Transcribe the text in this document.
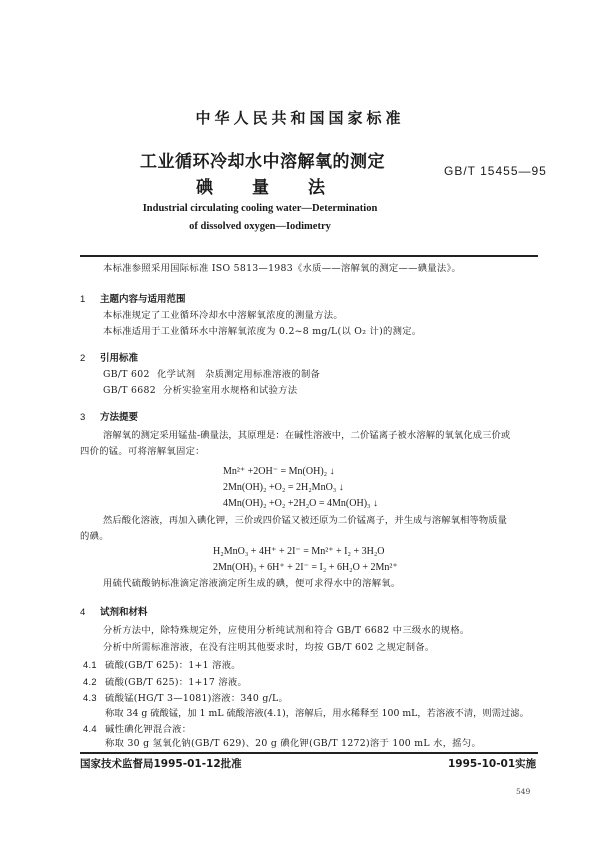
中华人民共和国国家标准
工业循环冷却水中溶解氧的测定
碘 量 法
GB/T 15455—95
Industrial circulating cooling water—Determination
of dissolved oxygen—Iodimetry
本标准参照采用国际标准 ISO 5813—1983《水质——溶解氧的测定——碘量法》。
1 主题内容与适用范围
本标准规定了工业循环冷却水中溶解氧浓度的测量方法。
本标准适用于工业循环水中溶解氧浓度为 0.2~8 mg/L(以 O₂ 计)的测定。
2 引用标准
GB/T 602 化学试剂　杂质测定用标准溶液的制备
GB/T 6682 分析实验室用水规格和试验方法
3 方法提要
溶解氧的测定采用锰盐-碘量法，其原理是：在碱性溶液中，二价锰离子被水溶解的氧氧化成三价或
四价的锰。可将溶解氧固定：
Mn²⁺ +2OH⁻ = Mn(OH)₂ ↓
2Mn(OH)₂ +O₂ = 2H₂MnO₃ ↓
4Mn(OH)₂ +O₂ +2H₂O = 4Mn(OH)₃ ↓
然后酸化溶液，再加入碘化钾，三价或四价锰又被还原为二价锰离子，并生成与溶解氧相等物质量
的碘。
H₂MnO₃ + 4H⁺ + 2I⁻ = Mn²⁺ + I₂ + 3H₂O
2Mn(OH)₃ + 6H⁺ + 2I⁻ = I₂ + 6H₂O + 2Mn²⁺
用硫代硫酸钠标准滴定溶液滴定所生成的碘，便可求得水中的溶解氧。
4 试剂和材料
分析方法中，除特殊规定外，应使用分析纯试剂和符合 GB/T 6682 中三级水的规格。
分析中所需标准溶液，在没有注明其他要求时，均按 GB/T 602 之规定制备。
4.1 硫酸(GB/T 625)：1+1 溶液。
4.2 硫酸(GB/T 625)：1+17 溶液。
4.3 硫酸锰(HG/T 3—1081)溶液：340 g/L。
称取 34 g 硫酸锰，加 1 mL 硫酸溶液(4.1)，溶解后，用水稀释至 100 mL，若溶液不清，则需过滤。
4.4 碱性碘化钾混合液：
称取 30 g 氢氧化钠(GB/T 629)、20 g 碘化钾(GB/T 1272)溶于 100 mL 水，摇匀。
国家技术监督局1995-01-12批准	1995-10-01实施
549
